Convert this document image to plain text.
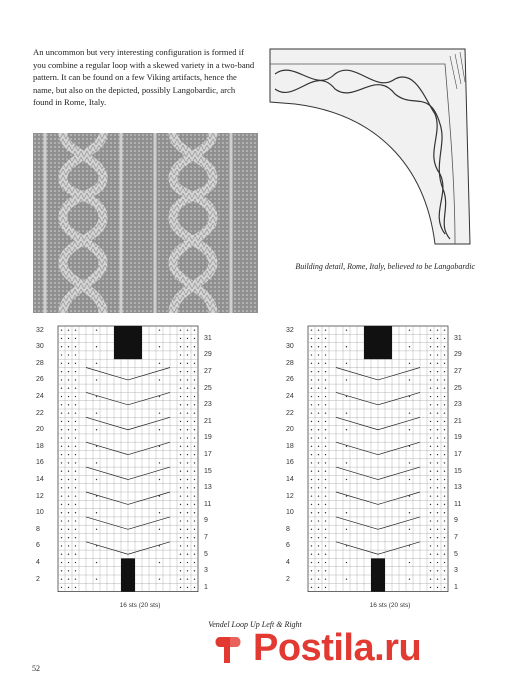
An uncommon but very interesting configuration is formed if you combine a regular loop with a skewed variety in a two-band pattern. It can be found on a few Viking artifacts, hence the name, but also on the depicted, possibly Langobardic, arch found in Rome, Italy.
Building detail, Rome, Italy, believed to be Langobardic
32
30
28
26
24
22
20
18
16
14
12
10
8
6
4
2
31
29
27
25
23
21
19
17
15
13
11
9
7
5
3
1
16 sts (20 sts)
32
30
28
26
24
22
20
18
16
14
12
10
8
6
4
2
31
29
27
25
23
21
19
17
15
13
11
9
7
5
3
1
16 sts (20 sts)
Vendel Loop Up Left & Right
52	Postila.ru
